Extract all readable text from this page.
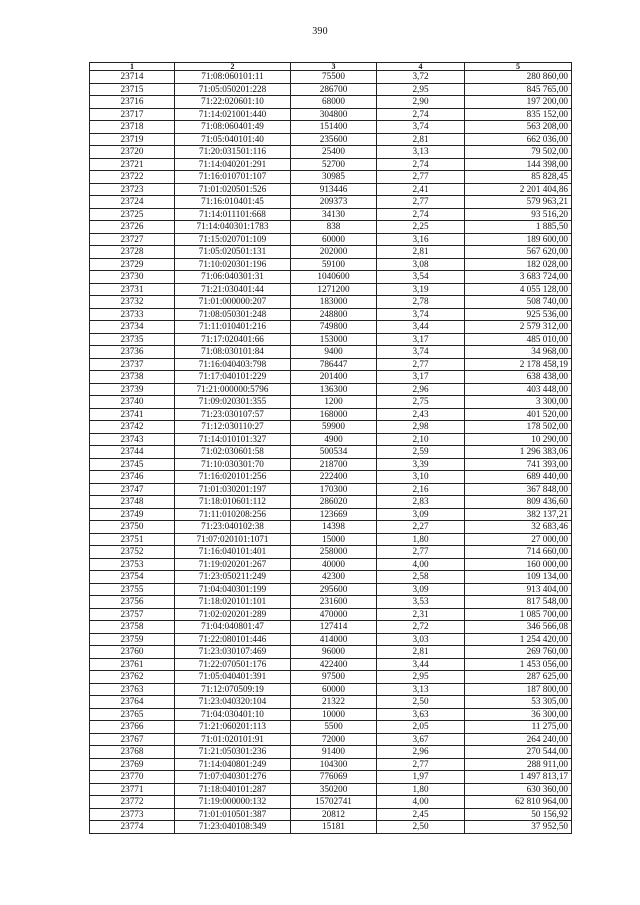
390
1	2	3	4	5
23714	71:08:060101:11	75500	3,72	280 860,00
23715	71:05:050201:228	286700	2,95	845 765,00
23716	71:22:020601:10	68000	2,90	197 200,00
23717	71:14:021001:440	304800	2,74	835 152,00
23718	71:08:060401:49	151400	3,74	563 208,00
23719	71:05:040101:40	235600	2,81	662 036,00
23720	71:20:031501:116	25400	3,13	79 502,00
23721	71:14:040201:291	52700	2,74	144 398,00
23722	71:16:010701:107	30985	2,77	85 828,45
23723	71:01:020501:526	913446	2,41	2 201 404,86
23724	71:16:010401:45	209373	2,77	579 963,21
23725	71:14:011101:668	34130	2,74	93 516,20
23726	71:14:040301:1783	838	2,25	1 885,50
23727	71:15:020701:109	60000	3,16	189 600,00
23728	71:05:020501:131	202000	2,81	567 620,00
23729	71:10:020301:196	59100	3,08	182 028,00
23730	71:06:040301:31	1040600	3,54	3 683 724,00
23731	71:21:030401:44	1271200	3,19	4 055 128,00
23732	71:01:000000:207	183000	2,78	508 740,00
23733	71:08:050301:248	248800	3,74	925 536,00
23734	71:11:010401:216	749800	3,44	2 579 312,00
23735	71:17:020401:66	153000	3,17	485 010,00
23736	71:08:030101:84	9400	3,74	34 968,00
23737	71:16:040403:798	786447	2,77	2 178 458,19
23738	71:17:040101:229	201400	3,17	638 438,00
23739	71:21:000000:5796	136300	2,96	403 448,00
23740	71:09:020301:355	1200	2,75	3 300,00
23741	71:23:030107:57	168000	2,43	401 520,00
23742	71:12:030110:27	59900	2,98	178 502,00
23743	71:14:010101:327	4900	2,10	10 290,00
23744	71:02:030601:58	500534	2,59	1 296 383,06
23745	71:10:030301:70	218700	3,39	741 393,00
23746	71:16:020101:256	222400	3,10	689 440,00
23747	71:01:030201:197	170300	2,16	367 848,00
23748	71:18:010601:112	286020	2,83	809 436,60
23749	71:11:010208:256	123669	3,09	382 137,21
23750	71:23:040102:38	14398	2,27	32 683,46
23751	71:07:020101:1071	15000	1,80	27 000,00
23752	71:16:040101:401	258000	2,77	714 660,00
23753	71:19:020201:267	40000	4,00	160 000,00
23754	71:23:050211:249	42300	2,58	109 134,00
23755	71:04:040301:199	295600	3,09	913 404,00
23756	71:18:020101:101	231600	3,53	817 548,00
23757	71:02:020201:289	470000	2,31	1 085 700,00
23758	71:04:040801:47	127414	2,72	346 566,08
23759	71:22:080101:446	414000	3,03	1 254 420,00
23760	71:23:030107:469	96000	2,81	269 760,00
23761	71:22:070501:176	422400	3,44	1 453 056,00
23762	71:05:040401:391	97500	2,95	287 625,00
23763	71:12:070509:19	60000	3,13	187 800,00
23764	71:23:040320:104	21322	2,50	53 305,00
23765	71:04:030401:10	10000	3,63	36 300,00
23766	71:21:060201:113	5500	2,05	11 275,00
23767	71:01:020101:91	72000	3,67	264 240,00
23768	71:21:050301:236	91400	2,96	270 544,00
23769	71:14:040801:249	104300	2,77	288 911,00
23770	71:07:040301:276	776069	1,97	1 497 813,17
23771	71:18:040101:287	350200	1,80	630 360,00
23772	71:19:000000:132	15702741	4,00	62 810 964,00
23773	71:01:010501:387	20812	2,45	50 156,92
23774	71:23:040108:349	15181	2,50	37 952,50
